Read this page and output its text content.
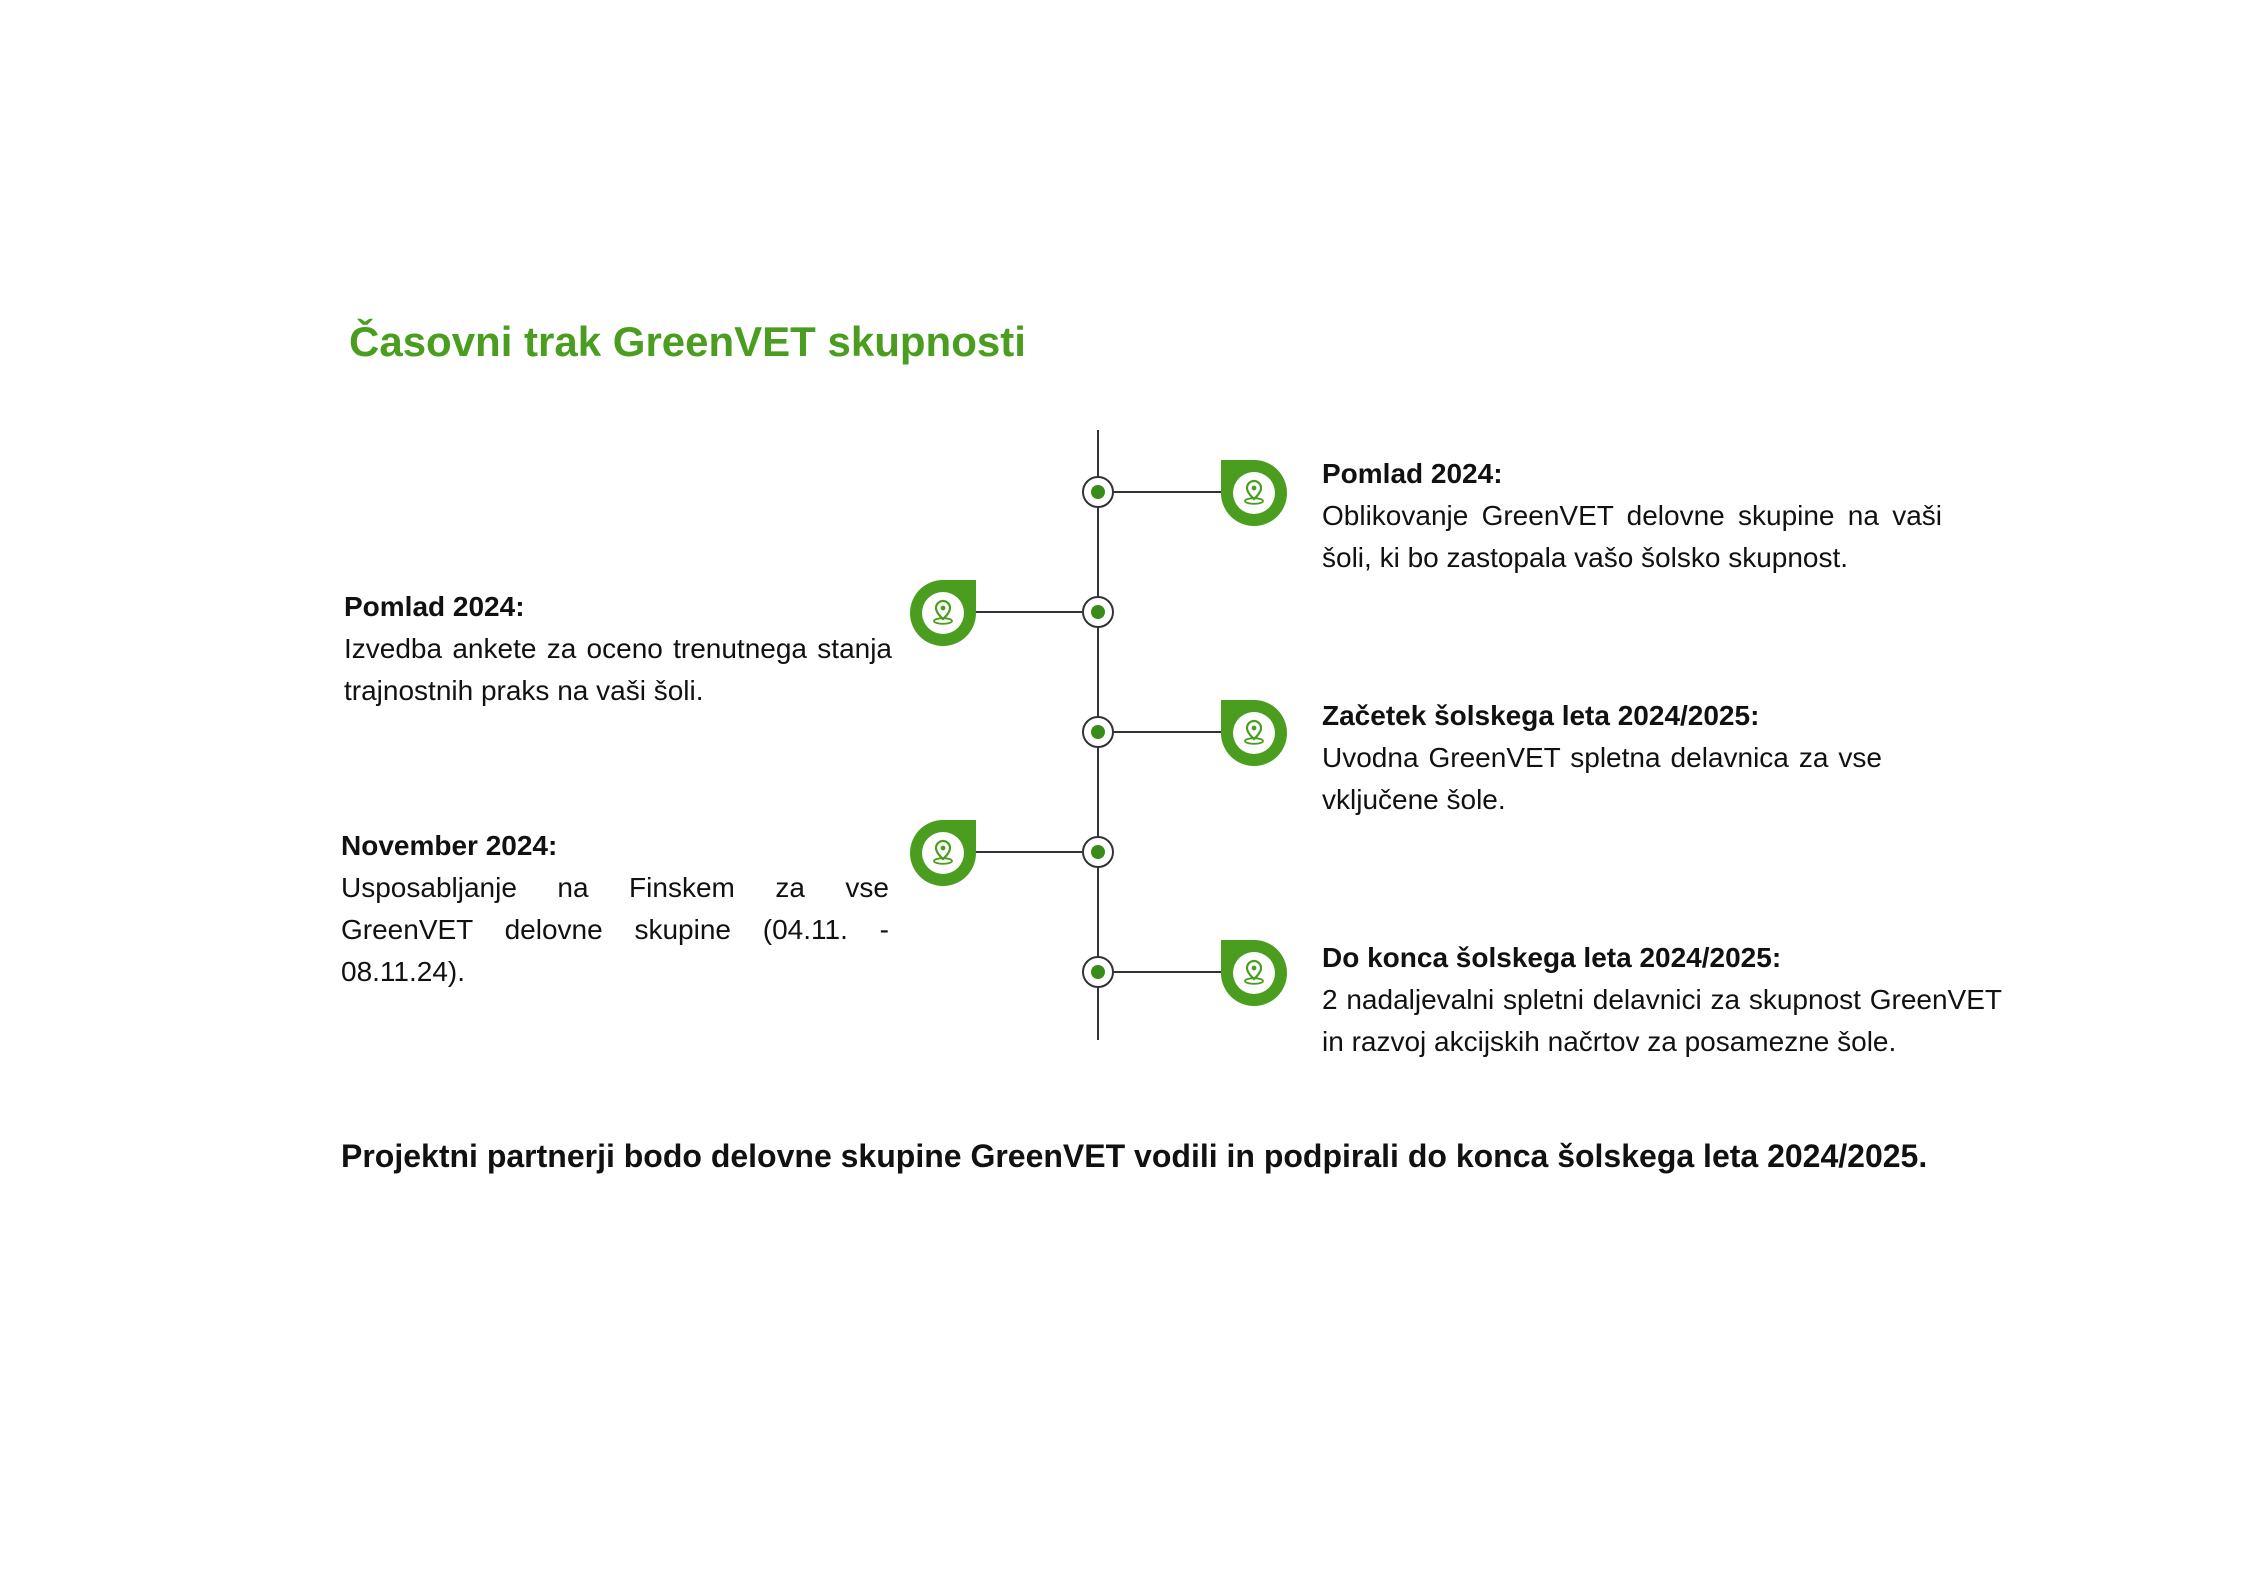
Časovni trak GreenVET skupnosti
Pomlad 2024:
Oblikovanje GreenVET delovne skupine na vaši šoli, ki bo zastopala vašo šolsko skupnost.
Pomlad 2024:
Izvedba ankete za oceno trenutnega stanja trajnostnih praks na vaši šoli.
Začetek šolskega leta 2024/2025:
Uvodna GreenVET spletna delavnica za vse vključene šole.
November 2024:
Usposabljanje na Finskem za vse GreenVET delovne skupine (04.11. - 08.11.24).	Do konca šolskega leta 2024/2025:
2 nadaljevalni spletni delavnici za skupnost GreenVET in razvoj akcijskih načrtov za posamezne šole.

Projektni partnerji bodo delovne skupine GreenVET vodili in podpirali do konca šolskega leta 2024/2025.
